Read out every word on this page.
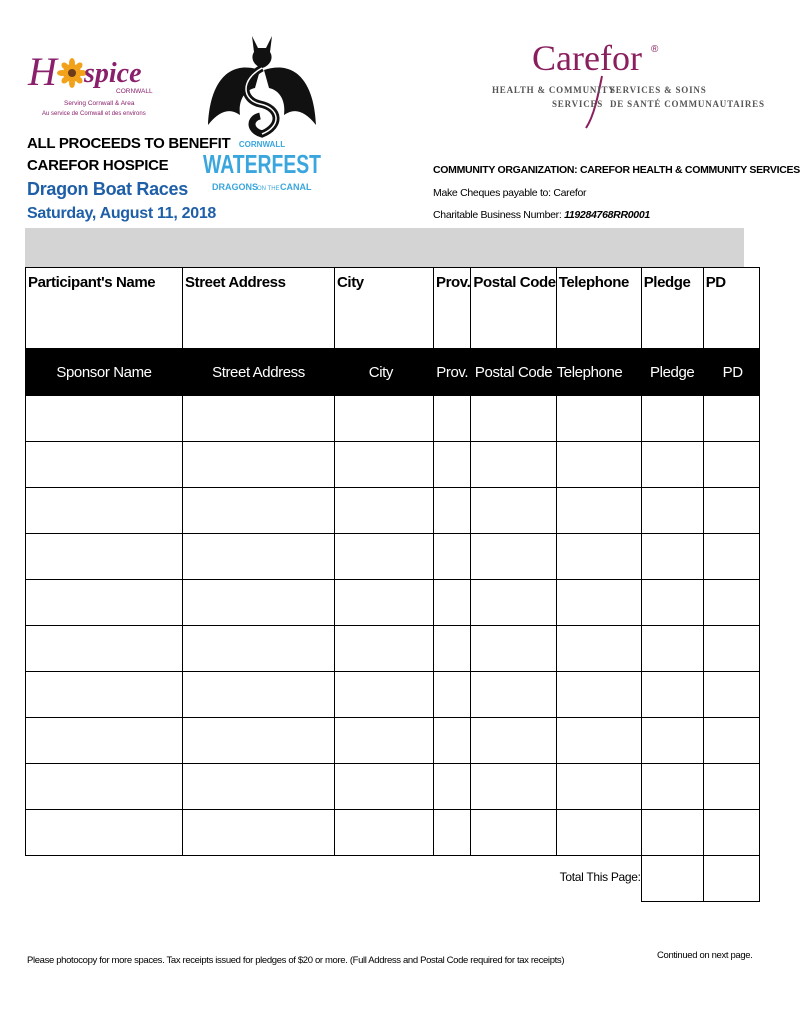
H spice
CORNWALL
Serving Cornwall & Area
Au service de Cornwall et des environs
CORNWALL
WATERFEST
DRAGONS
ON THE CANAL
Carefor ®
HEALTH & COMMUNITY
SERVICES & SOINS
SERVICES DE SANTÉ COMMUNAUTAIRES
ALL PROCEEDS TO BENEFIT
CAREFOR HOSPICE
Dragon Boat Races
Saturday, August 11, 2018
COMMUNITY ORGANIZATION: CAREFOR HEALTH & COMMUNITY SERVICES
Make Cheques payable to: Carefor
Charitable Business Number: 119284768RR0001
Participant's Name	Street Address	City	Prov.	Postal Code	Telephone	Pledge	PD
Sponsor Name	Street Address	City	Prov.	Postal Code	Telephone	Pledge	PD

					Total This Page:		

Please photocopy for more spaces. Tax receipts issued for pledges of $20 or more. (Full Address and Postal Code required for tax receipts)	Continued on next page.
